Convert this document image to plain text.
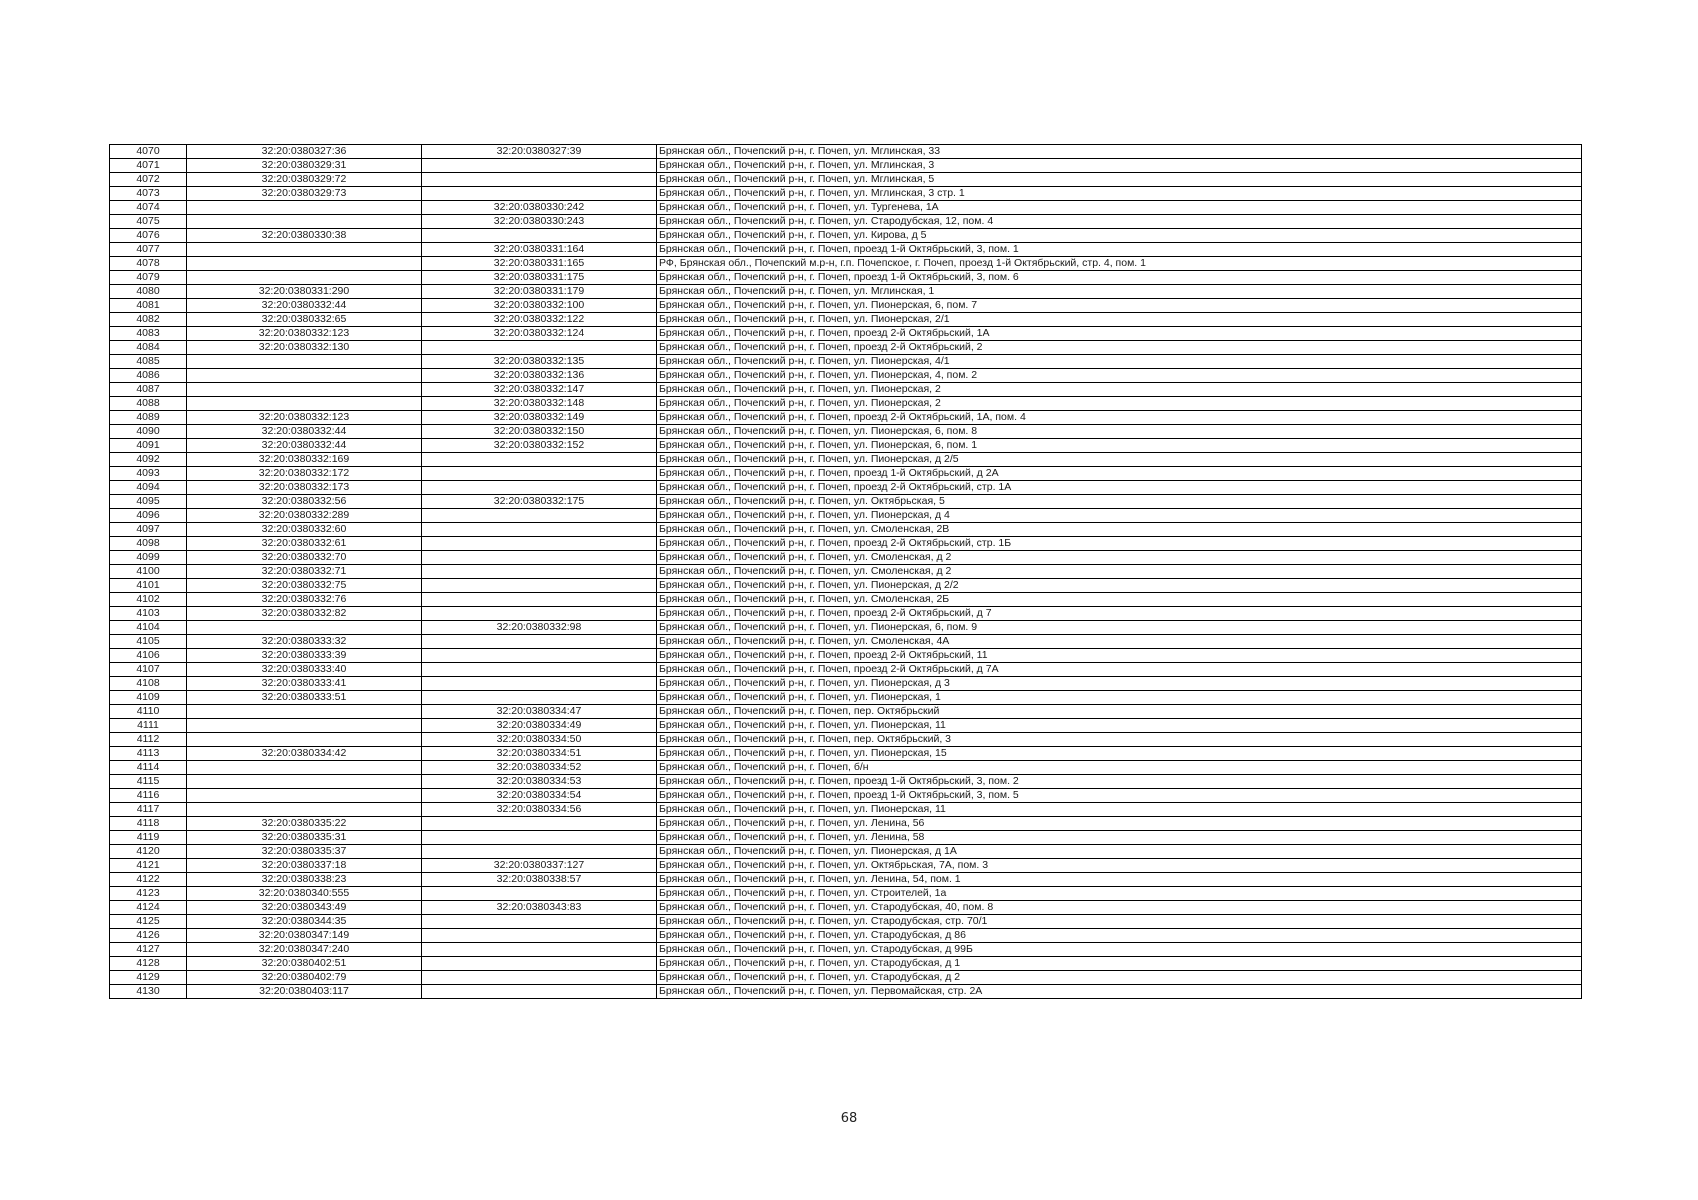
4070	32:20:0380327:36	32:20:0380327:39	Брянская обл., Почепский р-н, г. Почеп, ул. Мглинская, 33
4071	32:20:0380329:31		Брянская обл., Почепский р-н, г. Почеп, ул. Мглинская, 3
4072	32:20:0380329:72		Брянская обл., Почепский р-н, г. Почеп, ул. Мглинская, 5
4073	32:20:0380329:73		Брянская обл., Почепский р-н, г. Почеп, ул. Мглинская, 3 стр. 1
4074		32:20:0380330:242	Брянская обл., Почепский р-н, г. Почеп, ул. Тургенева, 1А
4075		32:20:0380330:243	Брянская обл., Почепский р-н, г. Почеп, ул. Стародубская, 12, пом. 4
4076	32:20:0380330:38		Брянская обл., Почепский р-н, г. Почеп, ул. Кирова, д 5
4077		32:20:0380331:164	Брянская обл., Почепский р-н, г. Почеп, проезд 1-й Октябрьский, 3, пом. 1
4078		32:20:0380331:165	РФ, Брянская обл., Почепский м.р-н, г.п. Почепское, г. Почеп, проезд 1-й Октябрьский, стр. 4, пом. 1
4079		32:20:0380331:175	Брянская обл., Почепский р-н, г. Почеп, проезд 1-й Октябрьский, 3, пом. 6
4080	32:20:0380331:290	32:20:0380331:179	Брянская обл., Почепский р-н, г. Почеп, ул. Мглинская, 1
4081	32:20:0380332:44	32:20:0380332:100	Брянская обл., Почепский р-н, г. Почеп, ул. Пионерская, 6, пом. 7
4082	32:20:0380332:65	32:20:0380332:122	Брянская обл., Почепский р-н, г. Почеп, ул. Пионерская, 2/1
4083	32:20:0380332:123	32:20:0380332:124	Брянская обл., Почепский р-н, г. Почеп, проезд 2-й Октябрьский, 1А
4084	32:20:0380332:130		Брянская обл., Почепский р-н, г. Почеп, проезд 2-й Октябрьский, 2
4085		32:20:0380332:135	Брянская обл., Почепский р-н, г. Почеп, ул. Пионерская, 4/1
4086		32:20:0380332:136	Брянская обл., Почепский р-н, г. Почеп, ул. Пионерская, 4, пом. 2
4087		32:20:0380332:147	Брянская обл., Почепский р-н, г. Почеп, ул. Пионерская, 2
4088		32:20:0380332:148	Брянская обл., Почепский р-н, г. Почеп, ул. Пионерская, 2
4089	32:20:0380332:123	32:20:0380332:149	Брянская обл., Почепский р-н, г. Почеп, проезд 2-й Октябрьский, 1А, пом. 4
4090	32:20:0380332:44	32:20:0380332:150	Брянская обл., Почепский р-н, г. Почеп, ул. Пионерская, 6, пом. 8
4091	32:20:0380332:44	32:20:0380332:152	Брянская обл., Почепский р-н, г. Почеп, ул. Пионерская, 6, пом. 1
4092	32:20:0380332:169		Брянская обл., Почепский р-н, г. Почеп, ул. Пионерская, д 2/5
4093	32:20:0380332:172		Брянская обл., Почепский р-н, г. Почеп, проезд 1-й Октябрьский, д 2А
4094	32:20:0380332:173		Брянская обл., Почепский р-н, г. Почеп, проезд 2-й Октябрьский, стр. 1А
4095	32:20:0380332:56	32:20:0380332:175	Брянская обл., Почепский р-н, г. Почеп, ул. Октябрьская, 5
4096	32:20:0380332:289		Брянская обл., Почепский р-н, г. Почеп, ул. Пионерская, д 4
4097	32:20:0380332:60		Брянская обл., Почепский р-н, г. Почеп, ул. Смоленская, 2В
4098	32:20:0380332:61		Брянская обл., Почепский р-н, г. Почеп, проезд 2-й Октябрьский, стр. 1Б
4099	32:20:0380332:70		Брянская обл., Почепский р-н, г. Почеп, ул. Смоленская, д 2
4100	32:20:0380332:71		Брянская обл., Почепский р-н, г. Почеп, ул. Смоленская, д 2
4101	32:20:0380332:75		Брянская обл., Почепский р-н, г. Почеп, ул. Пионерская, д 2/2
4102	32:20:0380332:76		Брянская обл., Почепский р-н, г. Почеп, ул. Смоленская, 2Б
4103	32:20:0380332:82		Брянская обл., Почепский р-н, г. Почеп, проезд 2-й Октябрьский, д 7
4104		32:20:0380332:98	Брянская обл., Почепский р-н, г. Почеп, ул. Пионерская, 6, пом. 9
4105	32:20:0380333:32		Брянская обл., Почепский р-н, г. Почеп, ул. Смоленская, 4А
4106	32:20:0380333:39		Брянская обл., Почепский р-н, г. Почеп, проезд 2-й Октябрьский, 11
4107	32:20:0380333:40		Брянская обл., Почепский р-н, г. Почеп, проезд 2-й Октябрьский, д 7А
4108	32:20:0380333:41		Брянская обл., Почепский р-н, г. Почеп, ул. Пионерская, д 3
4109	32:20:0380333:51		Брянская обл., Почепский р-н, г. Почеп, ул. Пионерская, 1
4110		32:20:0380334:47	Брянская обл., Почепский р-н, г. Почеп, пер. Октябрьский
4111		32:20:0380334:49	Брянская обл., Почепский р-н, г. Почеп, ул. Пионерская, 11
4112		32:20:0380334:50	Брянская обл., Почепский р-н, г. Почеп, пер. Октябрьский, 3
4113	32:20:0380334:42	32:20:0380334:51	Брянская обл., Почепский р-н, г. Почеп, ул. Пионерская, 15
4114		32:20:0380334:52	Брянская обл., Почепский р-н, г. Почеп, б/н
4115		32:20:0380334:53	Брянская обл., Почепский р-н, г. Почеп, проезд 1-й Октябрьский, 3, пом. 2
4116		32:20:0380334:54	Брянская обл., Почепский р-н, г. Почеп, проезд 1-й Октябрьский, 3, пом. 5
4117		32:20:0380334:56	Брянская обл., Почепский р-н, г. Почеп, ул. Пионерская, 11
4118	32:20:0380335:22		Брянская обл., Почепский р-н, г. Почеп, ул. Ленина, 56
4119	32:20:0380335:31		Брянская обл., Почепский р-н, г. Почеп, ул. Ленина, 58
4120	32:20:0380335:37		Брянская обл., Почепский р-н, г. Почеп, ул. Пионерская, д 1А
4121	32:20:0380337:18	32:20:0380337:127	Брянская обл., Почепский р-н, г. Почеп, ул. Октябрьская, 7А, пом. 3
4122	32:20:0380338:23	32:20:0380338:57	Брянская обл., Почепский р-н, г. Почеп, ул. Ленина, 54, пом. 1
4123	32:20:0380340:555		Брянская обл., Почепский р-н, г. Почеп, ул. Строителей, 1а
4124	32:20:0380343:49	32:20:0380343:83	Брянская обл., Почепский р-н, г. Почеп, ул. Стародубская, 40, пом. 8
4125	32:20:0380344:35		Брянская обл., Почепский р-н, г. Почеп, ул. Стародубская, стр. 70/1
4126	32:20:0380347:149		Брянская обл., Почепский р-н, г. Почеп, ул. Стародубская, д 86
4127	32:20:0380347:240		Брянская обл., Почепский р-н, г. Почеп, ул. Стародубская, д 99Б
4128	32:20:0380402:51		Брянская обл., Почепский р-н, г. Почеп, ул. Стародубская, д 1
4129	32:20:0380402:79		Брянская обл., Почепский р-н, г. Почеп, ул. Стародубская, д 2
4130	32:20:0380403:117		Брянская обл., Почепский р-н, г. Почеп, ул. Первомайская, стр. 2А
68
